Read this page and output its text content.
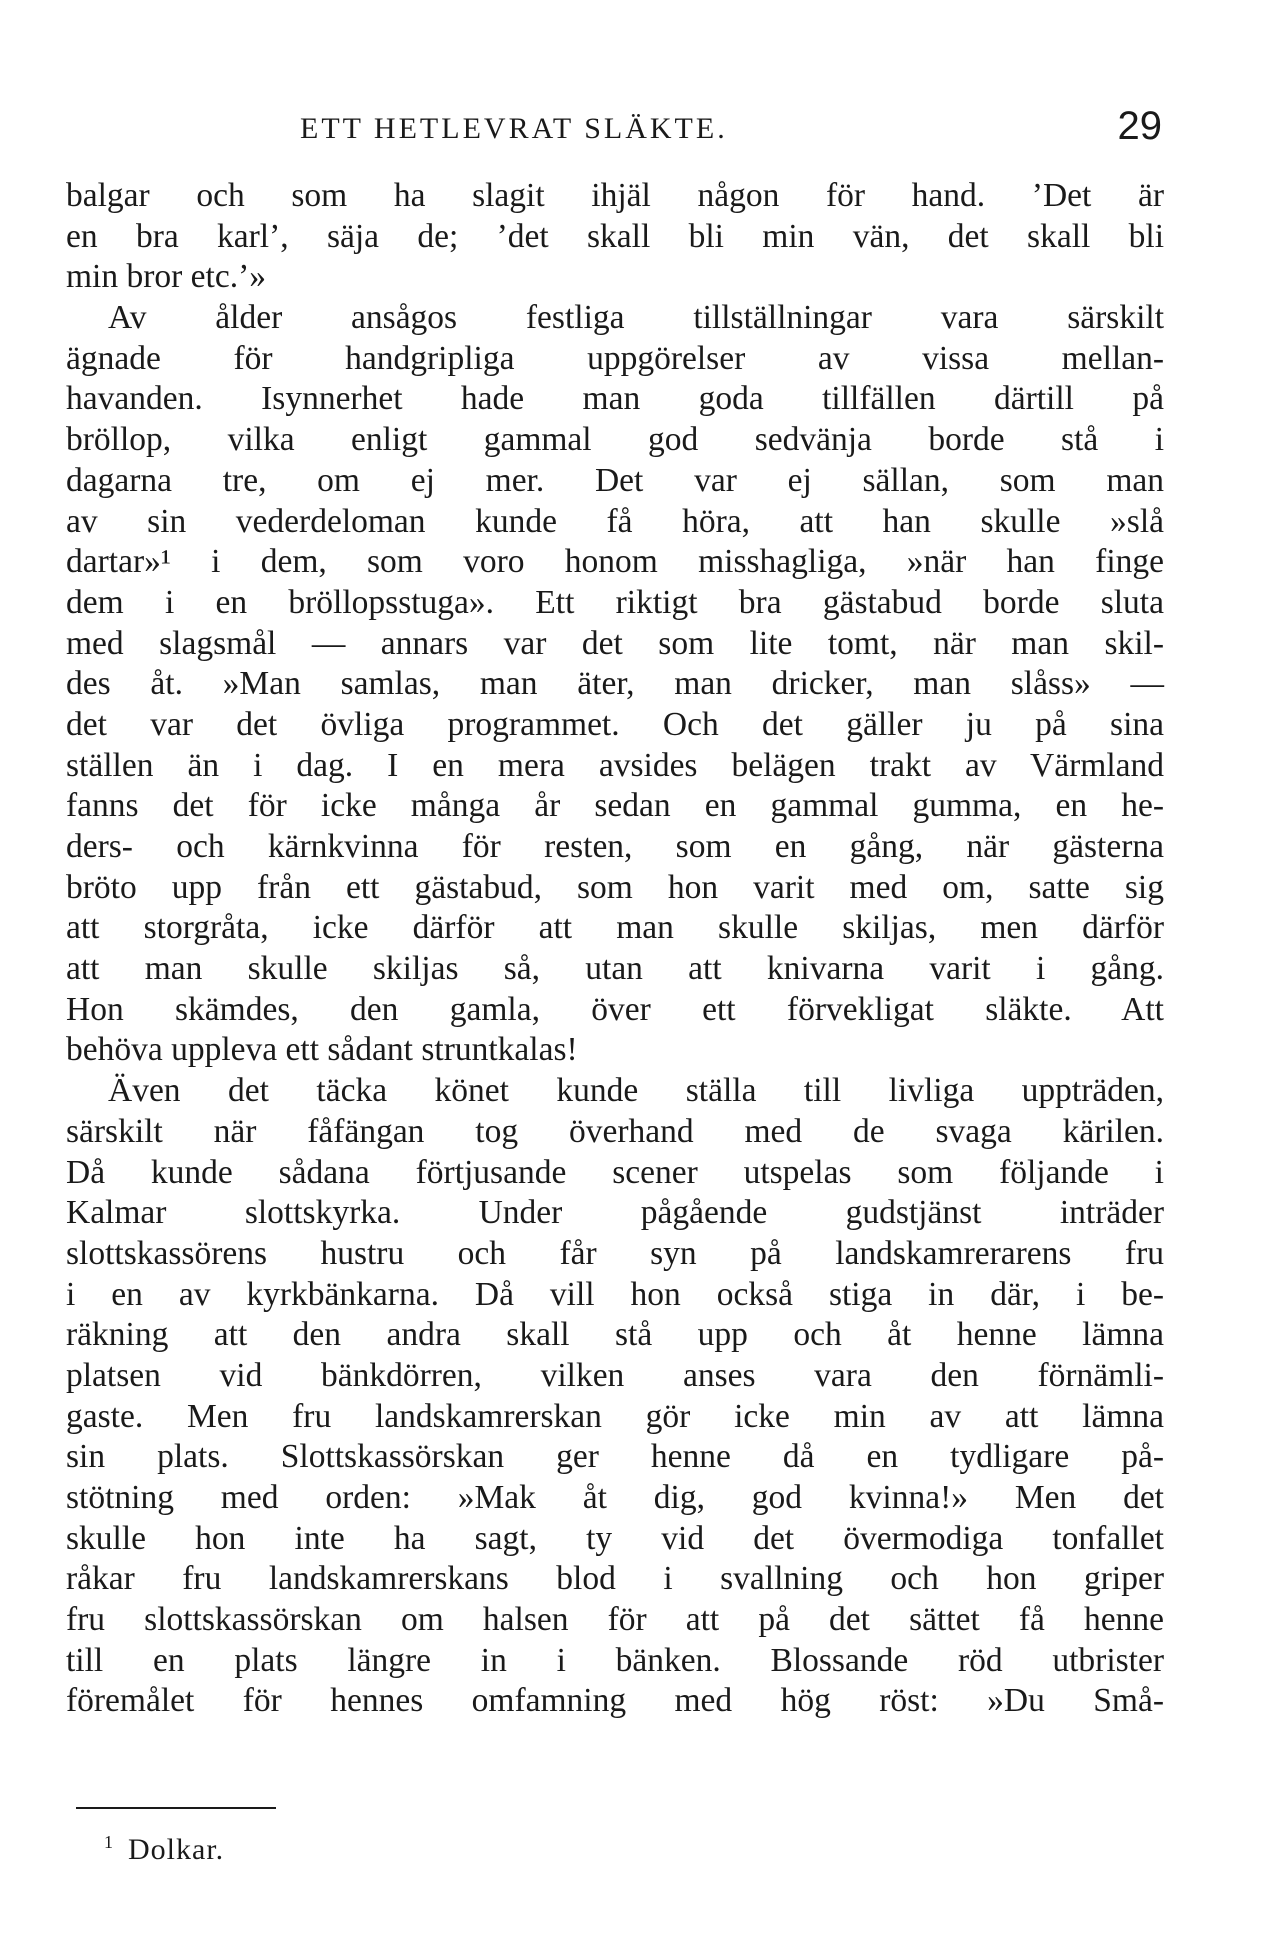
ETT HETLEVRAT SLÄKTE.	29
balgar och som ha slagit ihjäl någon för hand. ’Det är
en bra karl’, säja de; ’det skall bli min vän, det skall bli
min bror etc.’»
Av ålder ansågos festliga tillställningar vara särskilt
ägnade för handgripliga uppgörelser av vissa mellan-
havanden. Isynnerhet hade man goda tillfällen därtill på
bröllop, vilka enligt gammal god sedvänja borde stå i
dagarna tre, om ej mer. Det var ej sällan, som man
av sin vederdeloman kunde få höra, att han skulle »slå
dartar»¹ i dem, som voro honom misshagliga, »när han finge
dem i en bröllopsstuga». Ett riktigt bra gästabud borde sluta
med slagsmål — annars var det som lite tomt, när man skil-
des åt. »Man samlas, man äter, man dricker, man slåss» —
det var det övliga programmet. Och det gäller ju på sina
ställen än i dag. I en mera avsides belägen trakt av Värmland
fanns det för icke många år sedan en gammal gumma, en he-
ders- och kärnkvinna för resten, som en gång, när gästerna
bröto upp från ett gästabud, som hon varit med om, satte sig
att storgråta, icke därför att man skulle skiljas, men därför
att man skulle skiljas så, utan att knivarna varit i gång.
Hon skämdes, den gamla, över ett förvekligat släkte. Att
behöva uppleva ett sådant struntkalas!
Även det täcka könet kunde ställa till livliga uppträden,
särskilt när fåfängan tog överhand med de svaga kärilen.
Då kunde sådana förtjusande scener utspelas som följande i
Kalmar slottskyrka. Under pågående gudstjänst inträder
slottskassörens hustru och får syn på landskamrerarens fru
i en av kyrkbänkarna. Då vill hon också stiga in där, i be-
räkning att den andra skall stå upp och åt henne lämna
platsen vid bänkdörren, vilken anses vara den förnämli-
gaste. Men fru landskamrerskan gör icke min av att lämna
sin plats. Slottskassörskan ger henne då en tydligare på-
stötning med orden: »Mak åt dig, god kvinna!» Men det
skulle hon inte ha sagt, ty vid det övermodiga tonfallet
råkar fru landskamrerskans blod i svallning och hon griper
fru slottskassörskan om halsen för att på det sättet få henne
till en plats längre in i bänken. Blossande röd utbrister
föremålet för hennes omfamning med hög röst: »Du Små-
$^1$ Dolkar.
